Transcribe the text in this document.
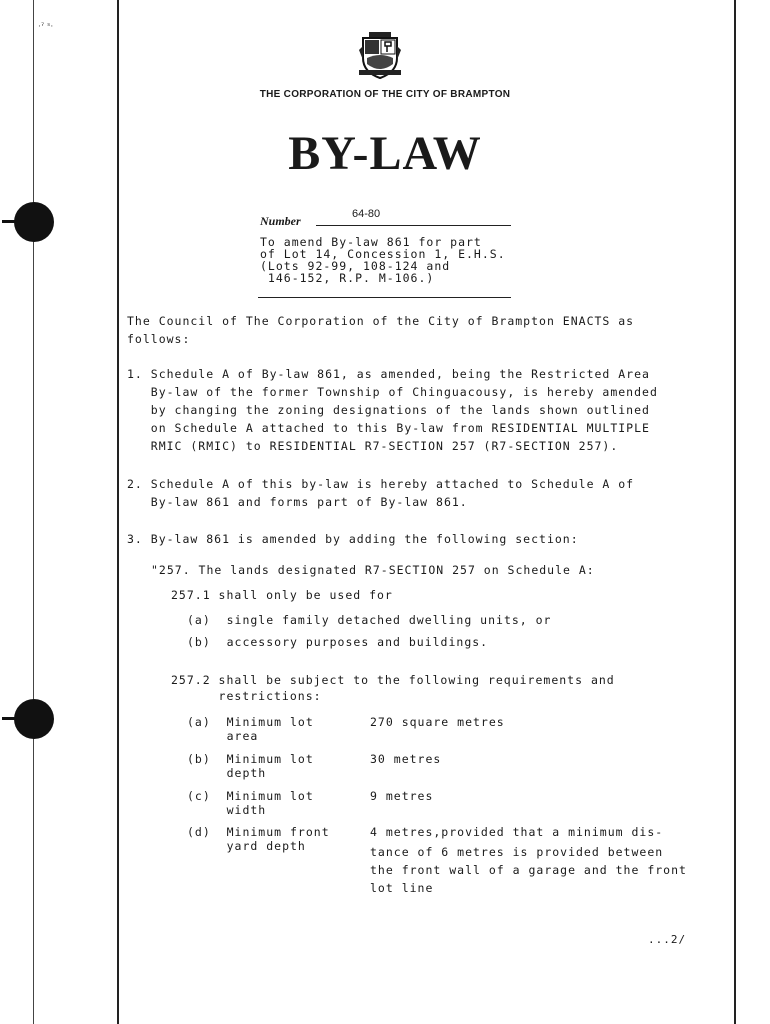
·ˀ ˢ·
THE CORPORATION OF THE CITY OF BRAMPTON
BY-LAW
Number	64-80
To amend By-law 861 for part
of Lot 14, Concession 1, E.H.S.
(Lots 92-99, 108-124 and
146-152, R.P. M-106.)
The Council of The Corporation of the City of Brampton ENACTS as
follows:
1. Schedule A of By-law 861, as amended, being the Restricted Area
By-law of the former Township of Chinguacousy, is hereby amended
by changing the zoning designations of the lands shown outlined
on Schedule A attached to this By-law from RESIDENTIAL MULTIPLE
RMIC (RMIC) to RESIDENTIAL R7-SECTION 257 (R7-SECTION 257).
2. Schedule A of this by-law is hereby attached to Schedule A of
By-law 861 and forms part of By-law 861.
3. By-law 861 is amended by adding the following section:
"257. The lands designated R7-SECTION 257 on Schedule A:
257.1 shall only be used for
(a)  single family detached dwelling units, or
(b)  accessory purposes and buildings.
257.2 shall be subject to the following requirements and
restrictions:
(a)  Minimum lot
area
270 square metres
(b)  Minimum lot
depth
30 metres
(c)  Minimum lot
width
9 metres
(d)  Minimum front
yard depth
4 metres,provided that a minimum dis-
tance of 6 metres is provided between
the front wall of a garage and the front
lot line
...2/
